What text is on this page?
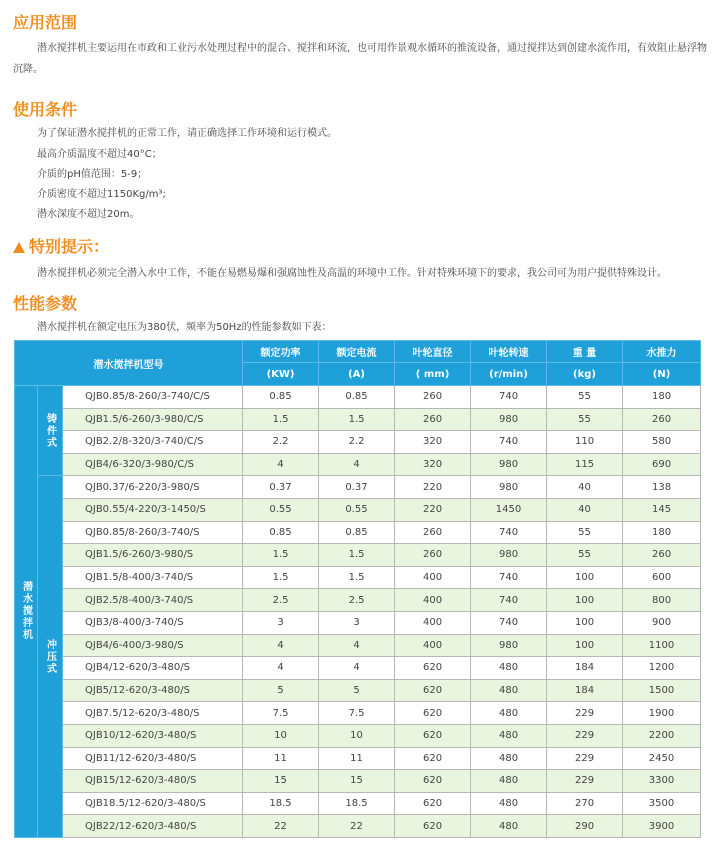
应用范围

潜水搅拌机主要运用在市政和工业污水处理过程中的混合、搅拌和环流，也可用作景观水循环的推流设备，通过搅拌达到创建水流作用，有效阻止悬浮物沉降。

使用条件

为了保证潜水搅拌机的正常工作，请正确选择工作环境和运行模式。

最高介质温度不超过40°C；

介质的pH值范围：5-9；

介质密度不超过1150Kg/m³;

潜水深度不超过20m。

特别提示：

潜水搅拌机必须完全潜入水中工作，不能在易燃易爆和强腐蚀性及高温的环境中工作。针对特殊环境下的要求，我公司可为用户提供特殊设计。

性能参数

潜水搅拌机在额定电压为380伏，频率为50Hz的性能参数如下表：

潜水搅拌机型号			额定功率	额定电流	叶轮直径	叶轮转速	重 量	水推力
			(KW)	(A)	( mm)	(r/min)	(kg)	(N)
潜水搅拌机	铸件式	QJB0.85/8-260/3-740/C/S	0.85	0.85	260	740	55	180
		QJB1.5/6-260/3-980/C/S	1.5	1.5	260	980	55	260
		QJB2.2/8-320/3-740/C/S	2.2	2.2	320	740	110	580
		QJB4/6-320/3-980/C/S	4	4	320	980	115	690
	冲压式	QJB0.37/6-220/3-980/S	0.37	0.37	220	980	40	138
		QJB0.55/4-220/3-1450/S	0.55	0.55	220	1450	40	145
		QJB0.85/8-260/3-740/S	0.85	0.85	260	740	55	180
		QJB1.5/6-260/3-980/S	1.5	1.5	260	980	55	260
		QJB1.5/8-400/3-740/S	1.5	1.5	400	740	100	600
		QJB2.5/8-400/3-740/S	2.5	2.5	400	740	100	800
		QJB3/8-400/3-740/S	3	3	400	740	100	900
		QJB4/6-400/3-980/S	4	4	400	980	100	1100
		QJB4/12-620/3-480/S	4	4	620	480	184	1200
		QJB5/12-620/3-480/S	5	5	620	480	184	1500
		QJB7.5/12-620/3-480/S	7.5	7.5	620	480	229	1900
		QJB10/12-620/3-480/S	10	10	620	480	229	2200
		QJB11/12-620/3-480/S	11	11	620	480	229	2450
		QJB15/12-620/3-480/S	15	15	620	480	229	3300
		QJB18.5/12-620/3-480/S	18.5	18.5	620	480	270	3500
		QJB22/12-620/3-480/S	22	22	620	480	290	3900
